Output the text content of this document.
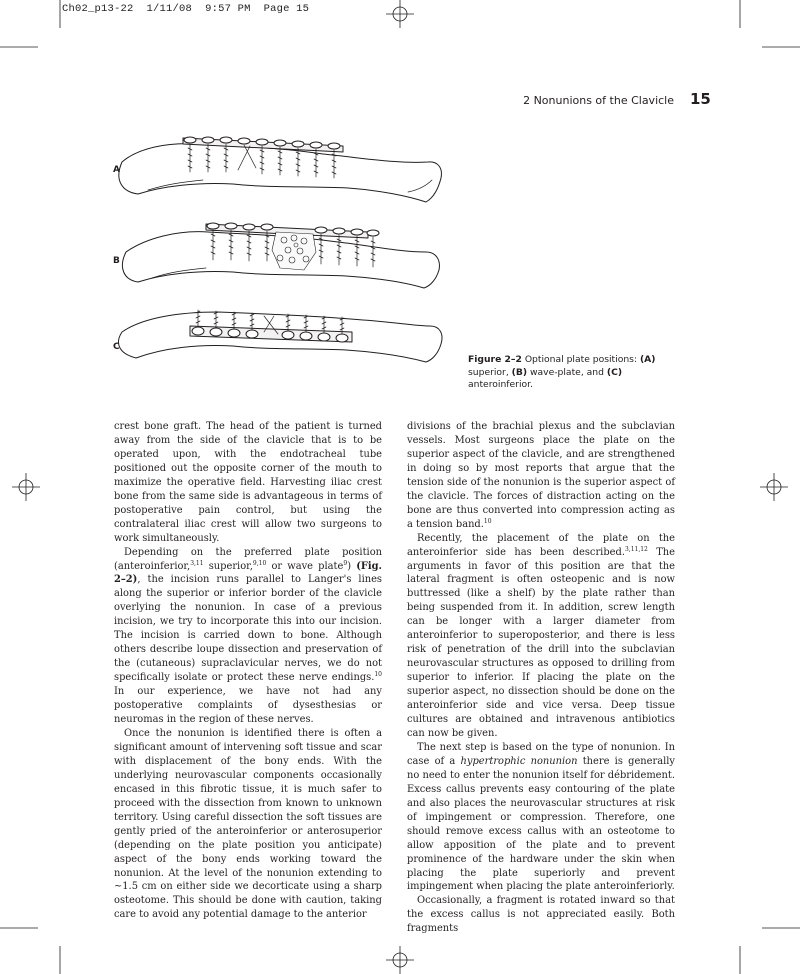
Ch02_p13-22 1/11/08 9:57 PM Page 15
2 Nonunions of the Clavicle 15
A
B
C
Figure 2–2 Optional plate positions: (A) superior, (B) wave-plate, and (C) anteroinferior.

crest bone graft. The head of the patient is turned away from the side of the clavicle that is to be operated upon, with the endotracheal tube positioned out the opposite corner of the mouth to maximize the operative field. Harvesting iliac crest bone from the same side is advantageous in terms of postoperative pain control, but using the contralateral iliac crest will allow two surgeons to work simultaneously.

Depending on the preferred plate position (anteroinferior,$^{3,11}$ superior,$^{9,10}$ or wave plate$^9$) (Fig. 2–2), the incision runs parallel to Langer's lines along the superior or inferior border of the clavicle overlying the nonunion. In case of a previous incision, we try to incorporate this into our incision. The incision is carried down to bone. Although others describe loupe dissection and preservation of the (cutaneous) supraclavicular nerves, we do not specifically isolate or protect these nerve endings.$^{10}$ In our experience, we have not had any postoperative complaints of dysesthesias or neuromas in the region of these nerves.

Once the nonunion is identified there is often a significant amount of intervening soft tissue and scar with displacement of the bony ends. With the underlying neurovascular components occasionally encased in this fibrotic tissue, it is much safer to proceed with the dissection from known to unknown territory. Using careful dissection the soft tissues are gently pried of the anteroinferior or anterosuperior (depending on the plate position you anticipate) aspect of the bony ends working toward the nonunion. At the level of the nonunion extending to ~1.5 cm on either side we decorticate using a sharp osteotome. This should be done with caution, taking care to avoid any potential damage to the anterior

divisions of the brachial plexus and the subclavian vessels. Most surgeons place the plate on the superior aspect of the clavicle, and are strengthened in doing so by most reports that argue that the tension side of the nonunion is the superior aspect of the clavicle. The forces of distraction acting on the bone are thus converted into compression acting as a tension band.$^{10}$

Recently, the placement of the plate on the anteroinferior side has been described.$^{3,11,12}$ The arguments in favor of this position are that the lateral fragment is often osteopenic and is now buttressed (like a shelf) by the plate rather than being suspended from it. In addition, screw length can be longer with a larger diameter from anteroinferior to superoposterior, and there is less risk of penetration of the drill into the subclavian neurovascular structures as opposed to drilling from superior to inferior. If placing the plate on the superior aspect, no dissection should be done on the anteroinferior side and vice versa. Deep tissue cultures are obtained and intravenous antibiotics can now be given.

The next step is based on the type of nonunion. In case of a hypertrophic nonunion there is generally no need to enter the nonunion itself for débridement. Excess callus prevents easy contouring of the plate and also places the neurovascular structures at risk of impingement or compression. Therefore, one should remove excess callus with an osteotome to allow apposition of the plate and to prevent prominence of the hardware under the skin when placing the plate superiorly and prevent impingement when placing the plate anteroinferiorly.

Occasionally, a fragment is rotated inward so that the excess callus is not appreciated easily. Both fragments
